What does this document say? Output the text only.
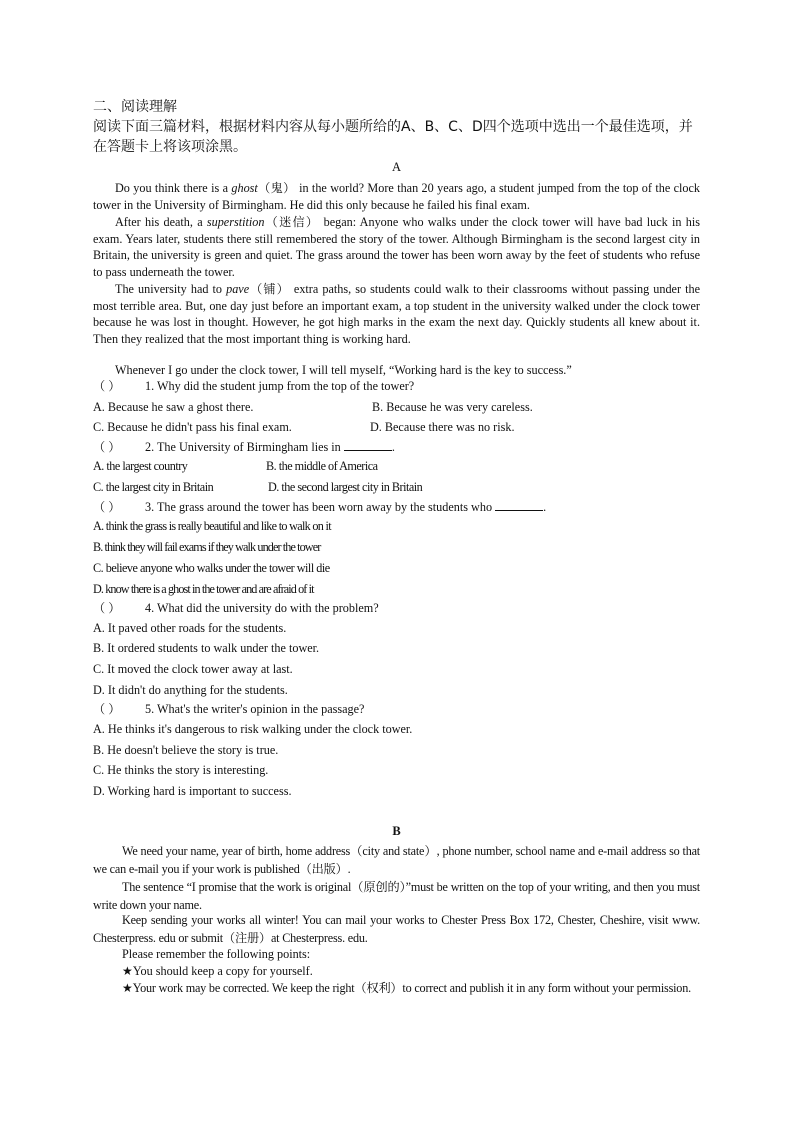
二、阅读理解
阅读下面三篇材料，根据材料内容从每小题所给的A、B、C、D四个选项中选出一个最佳选项，并在答题卡上将该项涂黑。
A

Do you think there is a ghost（鬼） in the world? More than 20 years ago, a student jumped from the top of the clock tower in the University of Birmingham. He did this only because he failed his final exam.

After his death, a superstition（迷信） began: Anyone who walks under the clock tower will have bad luck in his exam. Years later, students there still remembered the story of the tower. Although Birmingham is the second largest city in Britain, the university is green and quiet. The grass around the tower has been worn away by the feet of students who refuse to pass underneath the tower.

The university had to pave（铺） extra paths, so students could walk to their classrooms without passing under the most terrible area. But, one day just before an important exam, a top student in the university walked under the clock tower because he was lost in thought. However, he got high marks in the exam the next day. Quickly students all knew about it. Then they realized that the most important thing is working hard.

Whenever I go under the clock tower, I will tell myself, “Working hard is the key to success.”

（ ） 1. Why did the student jump from the top of the tower?
A. Because he saw a ghost there.	B. Because he was very careless.
C. Because he didn't pass his final exam.	D. Because there was no risk.
（ ） 2. The University of Birmingham lies in	.
A. the largest country	B. the middle of America
C. the largest city in Britain	D. the second largest city in Britain
（ ） 3. The grass around the tower has been worn away by the students who	.
A. think the grass is really beautiful and like to walk on it
B. think they will fail exams if they walk under the tower
C. believe anyone who walks under the tower will die
D. know there is a ghost in the tower and are afraid of it
（ ） 4. What did the university do with the problem?
A. It paved other roads for the students.
B. It ordered students to walk under the tower.
C. It moved the clock tower away at last.
D. It didn't do anything for the students.
（ ） 5. What's the writer's opinion in the passage?
A. He thinks it's dangerous to risk walking under the clock tower.
B. He doesn't believe the story is true.
C. He thinks the story is interesting.
D. Working hard is important to success.
B

We need your name, year of birth, home address（city and state）, phone number, school name and e-mail address so that we can e-mail you if your work is published（出版）.

The sentence “I promise that the work is original（原创的）”must be written on the top of your writing, and then you must write down your name.

Keep sending your works all winter! You can mail your works to Chester Press Box 172, Chester, Cheshire, visit www. Chesterpress. edu or submit（注册）at Chesterpress. edu.

Please remember the following points:
★You should keep a copy for yourself.

★Your work may be corrected. We keep the right（权利）to correct and publish it in any form without your permission.
